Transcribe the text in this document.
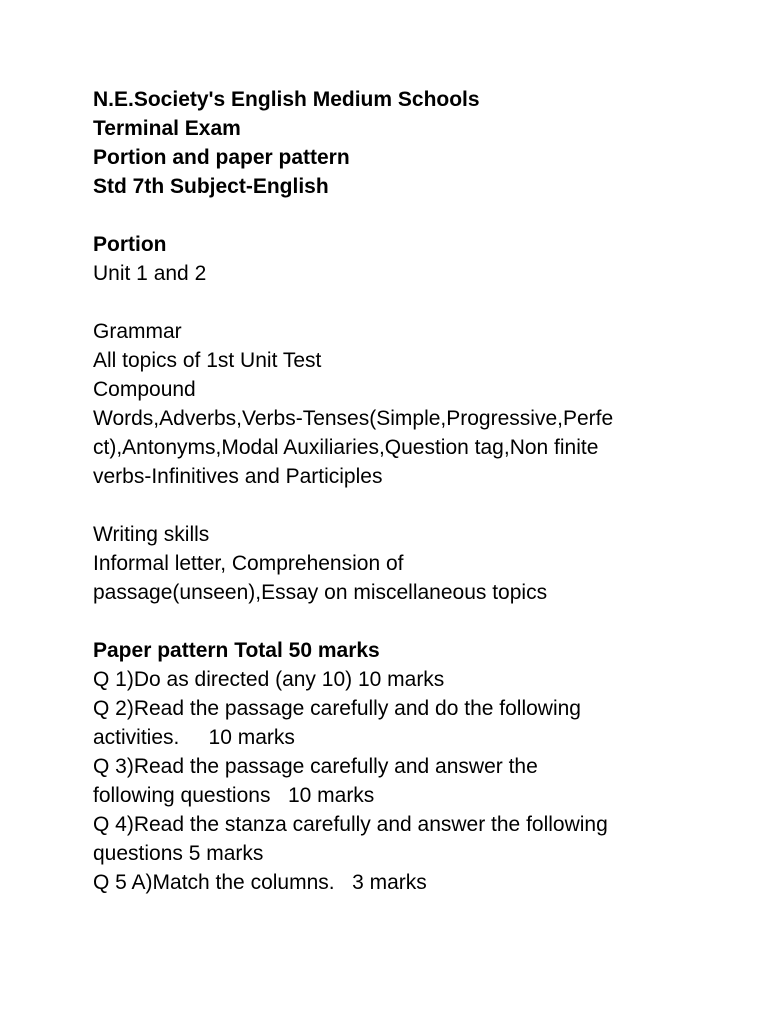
N.E.Society's English Medium Schools
Terminal Exam
Portion and paper pattern
Std 7th Subject-English
Portion
Unit 1 and 2
Grammar
All topics of 1st Unit Test
Compound
Words,Adverbs,Verbs-Tenses(Simple,Progressive,Perfe
ct),Antonyms,Modal Auxiliaries,Question tag,Non finite
verbs-Infinitives and Participles
Writing skills
Informal letter, Comprehension of
passage(unseen),Essay on miscellaneous topics
Paper pattern Total 50 marks
Q 1)Do as directed (any 10) 10 marks
Q 2)Read the passage carefully and do the following
activities.     10 marks
Q 3)Read the passage carefully and answer the
following questions   10 marks
Q 4)Read the stanza carefully and answer the following
questions 5 marks
Q 5 A)Match the columns.   3 marks
